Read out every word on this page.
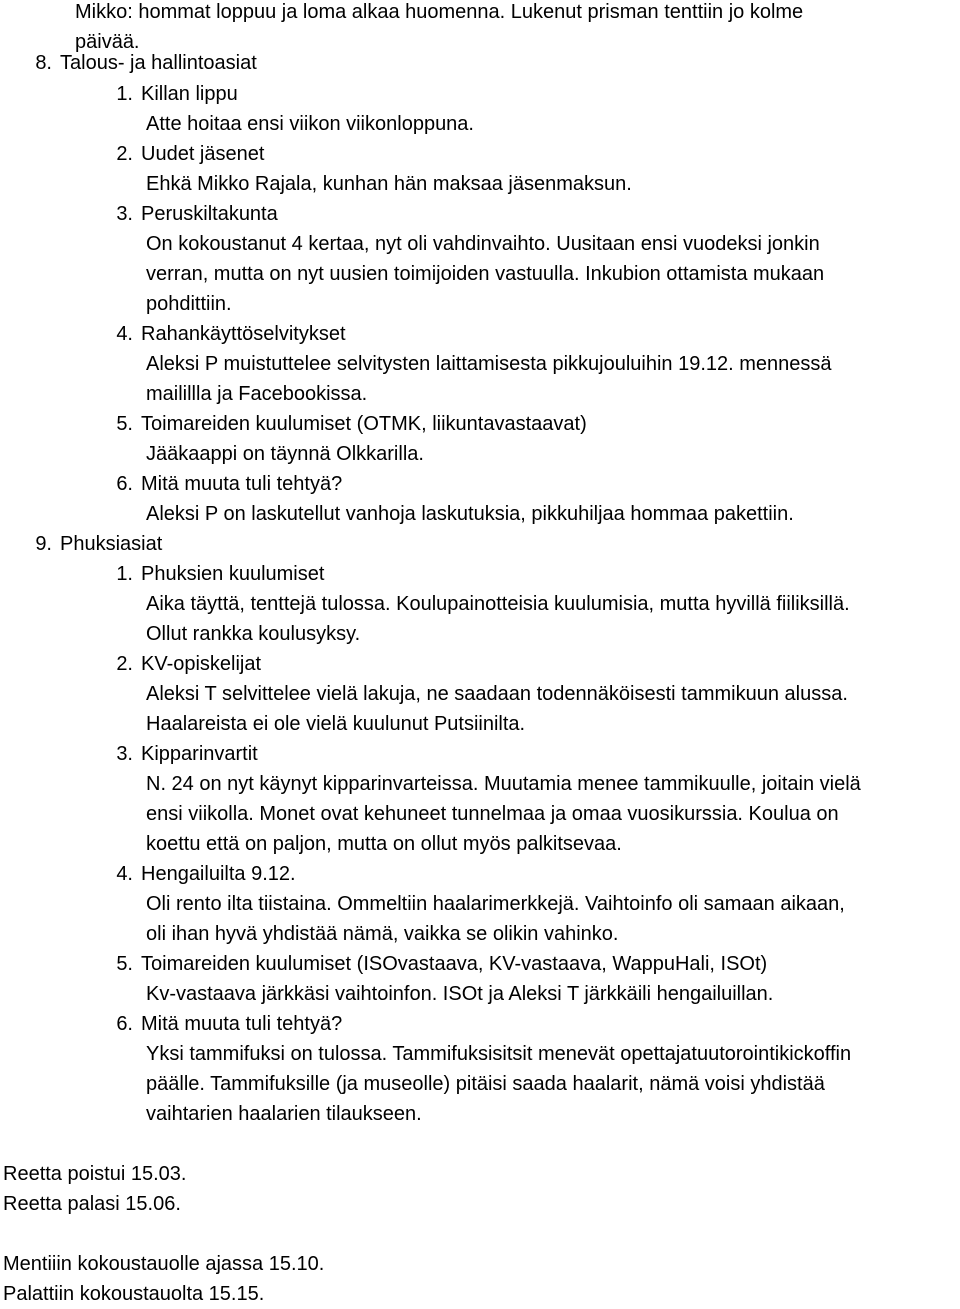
Mikko: hommat loppuu ja loma alkaa huomenna. Lukenut prisman tenttiin jo kolme
päivää.
8. Talous- ja hallintoasiat
1. Killan lippu
Atte hoitaa ensi viikon viikonloppuna.
2. Uudet jäsenet
Ehkä Mikko Rajala, kunhan hän maksaa jäsenmaksun.
3. Peruskiltakunta
On kokoustanut 4 kertaa, nyt oli vahdinvaihto. Uusitaan ensi vuodeksi jonkin
verran, mutta on nyt uusien toimijoiden vastuulla. Inkubion ottamista mukaan
pohdittiin.
4. Rahankäyttöselvitykset
Aleksi P muistuttelee selvitysten laittamisesta pikkujouluihin 19.12. mennessä
mailillla ja Facebookissa.
5. Toimareiden kuulumiset (OTMK, liikuntavastaavat)
Jääkaappi on täynnä Olkkarilla.
6. Mitä muuta tuli tehtyä?
Aleksi P on laskutellut vanhoja laskutuksia, pikkuhiljaa hommaa pakettiin.
9. Phuksiasiat
1. Phuksien kuulumiset
Aika täyttä, tenttejä tulossa. Koulupainotteisia kuulumisia, mutta hyvillä fiiliksillä.
Ollut rankka koulusyksy.
2. KV-opiskelijat
Aleksi T selvittelee vielä lakuja, ne saadaan todennäköisesti tammikuun alussa.
Haalareista ei ole vielä kuulunut Putsiinilta.
3. Kipparinvartit
N. 24 on nyt käynyt kipparinvarteissa. Muutamia menee tammikuulle, joitain vielä
ensi viikolla. Monet ovat kehuneet tunnelmaa ja omaa vuosikurssia. Koulua on
koettu että on paljon, mutta on ollut myös palkitsevaa.
4. Hengailuilta 9.12.
Oli rento ilta tiistaina. Ommeltiin haalarimerkkejä. Vaihtoinfo oli samaan aikaan,
oli ihan hyvä yhdistää nämä, vaikka se olikin vahinko.
5. Toimareiden kuulumiset (ISOvastaava, KV-vastaava, WappuHali, ISOt)
Kv-vastaava järkkäsi vaihtoinfon. ISOt ja Aleksi T järkkäili hengailuillan.
6. Mitä muuta tuli tehtyä?
Yksi tammifuksi on tulossa. Tammifuksisitsit menevät opettajatuutorointikickoffin
päälle. Tammifuksille (ja museolle) pitäisi saada haalarit, nämä voisi yhdistää
vaihtarien haalarien tilaukseen.
Reetta poistui 15.03.
Reetta palasi 15.06.
Mentiiin kokoustauolle ajassa 15.10.
Palattiin kokoustauolta 15.15.
